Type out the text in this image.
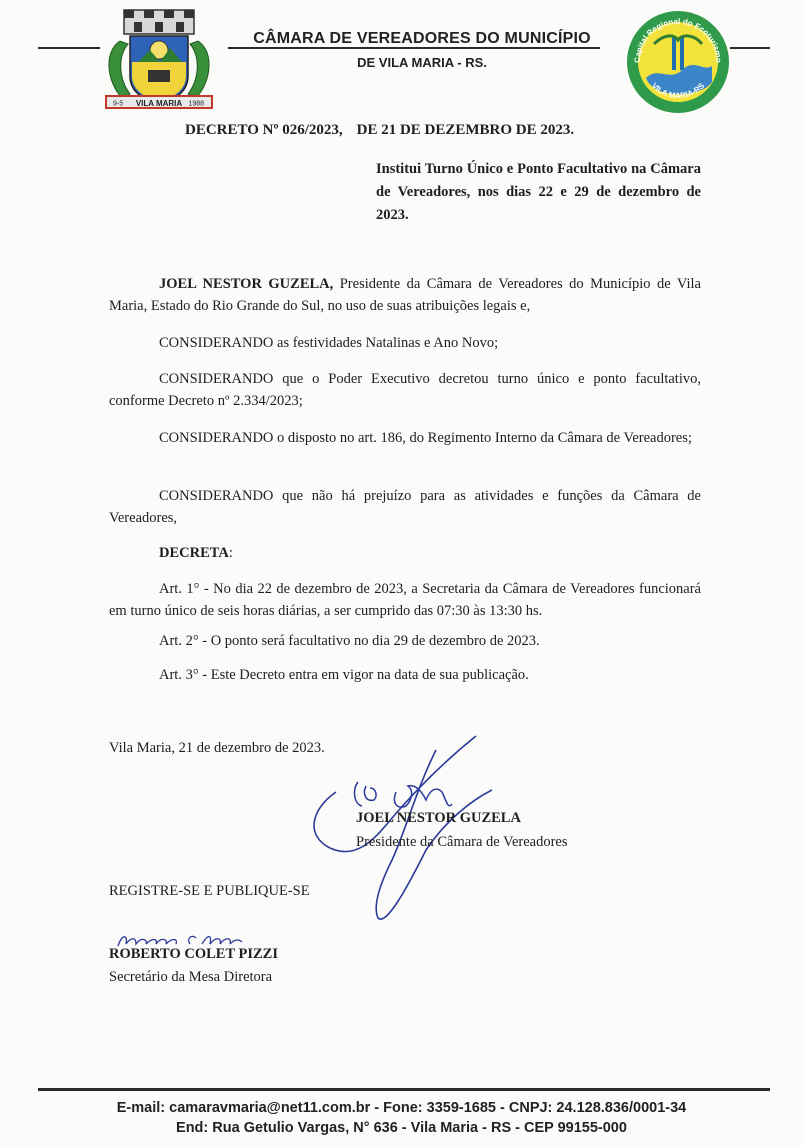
9-5 VILA MARIA 1988
CÂMARA DE VEREADORES DO MUNICÍPIO
DE VILA MARIA - RS.	Capital Regional do Ecoturismo
VILA MARIA-RS
DECRETO Nº 026/2023, DE 21 DE DEZEMBRO DE 2023.
Institui Turno Único e Ponto Facultativo na Câmara de Vereadores, nos dias 22 e 29 de dezembro de 2023.
JOEL NESTOR GUZELA, Presidente da Câmara de Vereadores do Município de Vila Maria, Estado do Rio Grande do Sul, no uso de suas atribuições legais e,
CONSIDERANDO as festividades Natalinas e Ano Novo;
CONSIDERANDO que o Poder Executivo decretou turno único e ponto facultativo, conforme Decreto nº 2.334/2023;
CONSIDERANDO o disposto no art. 186, do Regimento Interno da Câmara de Vereadores;
CONSIDERANDO que não há prejuízo para as atividades e funções da Câmara de Vereadores,
DECRETA:
Art. 1° - No dia 22 de dezembro de 2023, a Secretaria da Câmara de Vereadores funcionará em turno único de seis horas diárias, a ser cumprido das 07:30 às 13:30 hs.
Art. 2° - O ponto será facultativo no dia 29 de dezembro de 2023.
Art. 3° - Este Decreto entra em vigor na data de sua publicação.
Vila Maria, 21 de dezembro de 2023.
JOEL NESTOR GUZELA
Presidente da Câmara de Vereadores
REGISTRE-SE E PUBLIQUE-SE
ROBERTO COLET PIZZI
Secretário da Mesa Diretora
E-mail: camaravmaria@net11.com.br - Fone: 3359-1685 - CNPJ: 24.128.836/0001-34
End: Rua Getulio Vargas, N° 636 - Vila Maria - RS - CEP 99155-000
